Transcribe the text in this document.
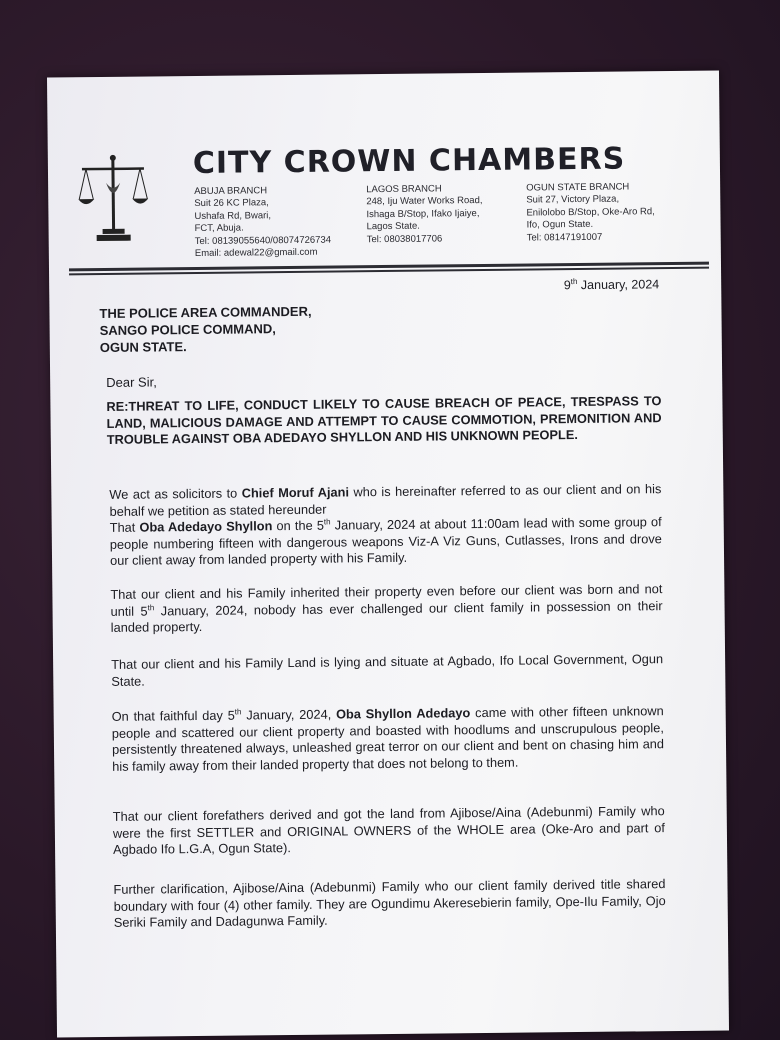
CITY CROWN CHAMBERS
ABUJA BRANCH
Suit 26 KC Plaza,
Ushafa Rd, Bwari,
FCT, Abuja.
Tel: 08139055640/08074726734
Email: adewal22@gmail.com
LAGOS BRANCH
248, Iju Water Works Road,
Ishaga B/Stop, Ifako Ijaiye,
Lagos State.
Tel: 08038017706
OGUN STATE BRANCH
Suit 27, Victory Plaza,
Enilolobo B/Stop, Oke-Aro Rd,
Ifo, Ogun State.
Tel: 08147191007
9th January, 2024
THE POLICE AREA COMMANDER,
SANGO POLICE COMMAND,
OGUN STATE.
Dear Sir,
RE:THREAT TO LIFE, CONDUCT LIKELY TO CAUSE BREACH OF PEACE, TRESPASS TO LAND, MALICIOUS DAMAGE AND ATTEMPT TO CAUSE COMMOTION, PREMONITION AND TROUBLE AGAINST OBA ADEDAYO SHYLLON AND HIS UNKNOWN PEOPLE.
We act as solicitors to Chief Moruf Ajani who is hereinafter referred to as our client and on his behalf we petition as stated hereunder
That Oba Adedayo Shyllon on the 5th January, 2024 at about 11:00am lead with some group of people numbering fifteen with dangerous weapons Viz-A Viz Guns, Cutlasses, Irons and drove our client away from landed property with his Family.
That our client and his Family inherited their property even before our client was born and not until 5th January, 2024, nobody has ever challenged our client family in possession on their landed property.
That our client and his Family Land is lying and situate at Agbado, Ifo Local Government, Ogun State.
On that faithful day 5th January, 2024, Oba Shyllon Adedayo came with other fifteen unknown people and scattered our client property and boasted with hoodlums and unscrupulous people, persistently threatened always, unleashed great terror on our client and bent on chasing him and his family away from their landed property that does not belong to them.
That our client forefathers derived and got the land from Ajibose/Aina (Adebunmi) Family who were the first SETTLER and ORIGINAL OWNERS of the WHOLE area (Oke-Aro and part of Agbado Ifo L.G.A, Ogun State).
Further clarification, Ajibose/Aina (Adebunmi) Family who our client family derived title shared boundary with four (4) other family. They are Ogundimu Akeresebierin family, Ope-Ilu Family, Ojo Seriki Family and Dadagunwa Family.
